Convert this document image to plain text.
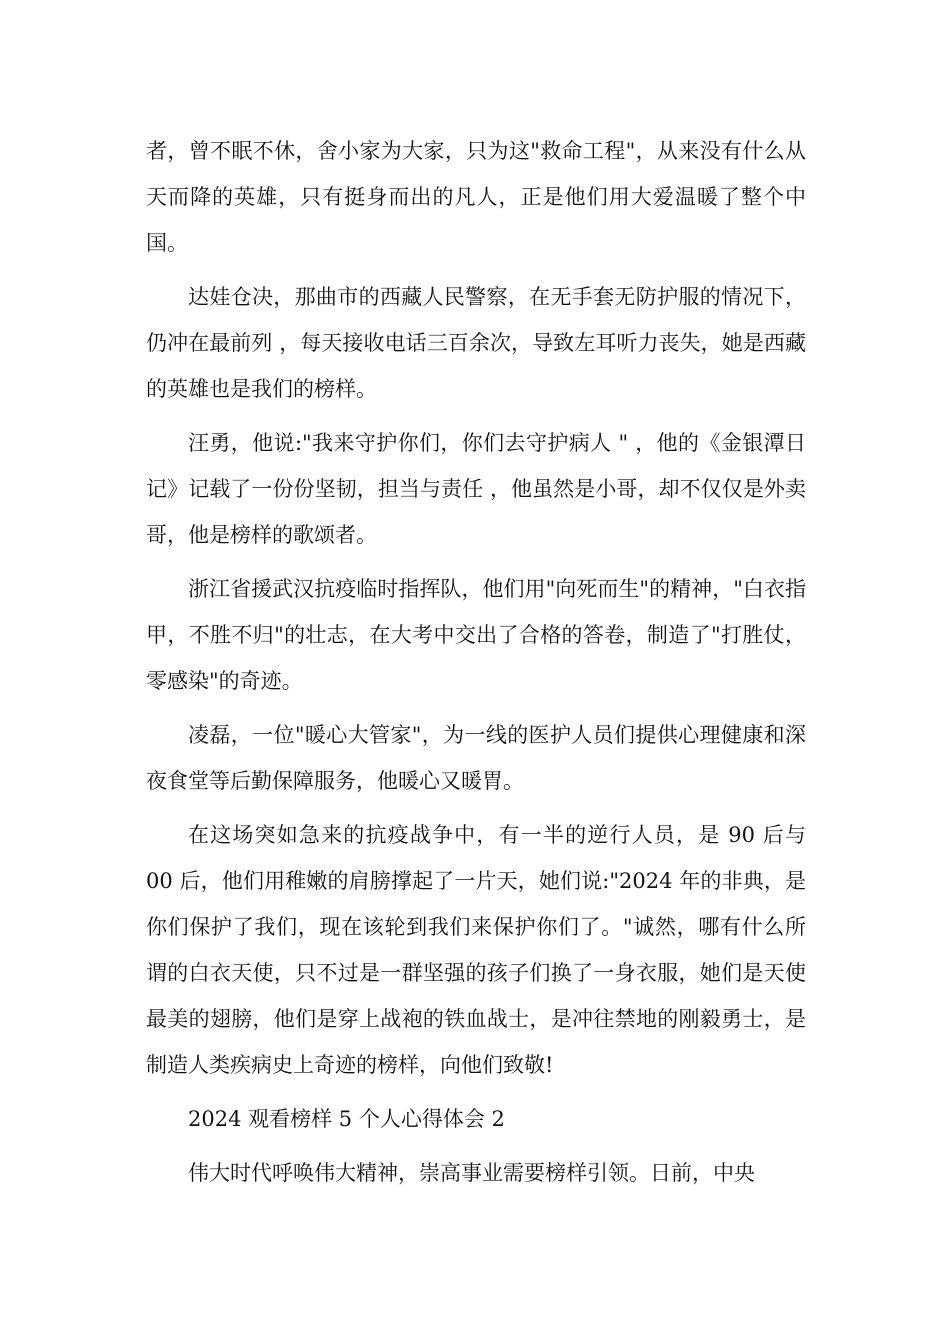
者，曾不眠不休，舍小家为大家，只为这"救命工程"，从来没有什么从天而降的英雄，只有挺身而出的凡人，正是他们用大爱温暖了整个中国。

达娃仓决，那曲市的西藏人民警察，在无手套无防护服的情况下，仍冲在最前列 ，每天接收电话三百余次，导致左耳听力丧失，她是西藏的英雄也是我们的榜样。

汪勇，他说:"我来守护你们，你们去守护病人 " ，他的《金银潭日记》记载了一份份坚韧，担当与责任 ，他虽然是小哥，却不仅仅是外卖哥，他是榜样的歌颂者。

浙江省援武汉抗疫临时指挥队，他们用"向死而生"的精神，"白衣指甲，不胜不归"的壮志，在大考中交出了合格的答卷，制造了"打胜仗，零感染"的奇迹。

凌磊，一位"暖心大管家"，为一线的医护人员们提供心理健康和深夜食堂等后勤保障服务，他暖心又暖胃。

在这场突如急来的抗疫战争中，有一半的逆行人员，是 90 后与 00 后，他们用稚嫩的肩膀撑起了一片天，她们说:"2024 年的非典，是你们保护了我们，现在该轮到我们来保护你们了。"诚然，哪有什么所谓的白衣天使，只不过是一群坚强的孩子们换了一身衣服，她们是天使最美的翅膀，他们是穿上战袍的铁血战士，是冲往禁地的刚毅勇士，是制造人类疾病史上奇迹的榜样，向他们致敬!

2024 观看榜样 5 个人心得体会 2

伟大时代呼唤伟大精神，崇高事业需要榜样引领。日前，中央
